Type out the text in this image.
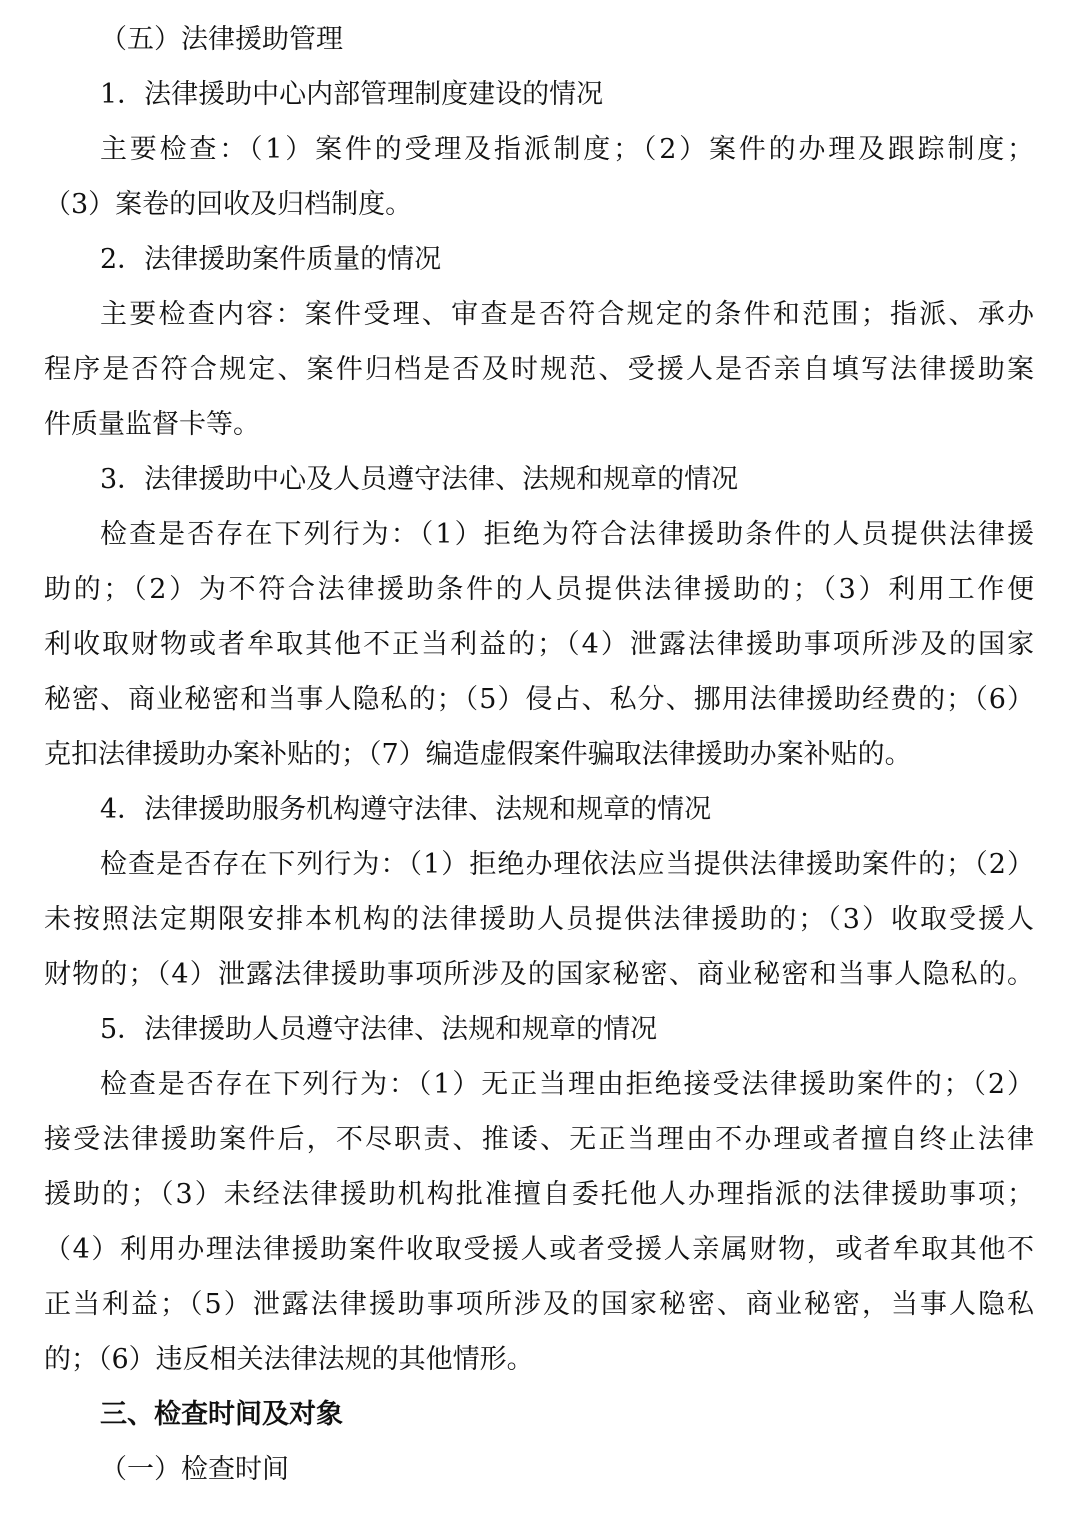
（五）法律援助管理
1．法律援助中心内部管理制度建设的情况
主要检查：（1）案件的受理及指派制度；（2）案件的办理及跟踪制度；
（3）案卷的回收及归档制度。
2．法律援助案件质量的情况
主要检查内容：案件受理、审查是否符合规定的条件和范围；指派、承办
程序是否符合规定、案件归档是否及时规范、受援人是否亲自填写法律援助案
件质量监督卡等。
3．法律援助中心及人员遵守法律、法规和规章的情况
检查是否存在下列行为：（1）拒绝为符合法律援助条件的人员提供法律援
助的；（2）为不符合法律援助条件的人员提供法律援助的；（3）利用工作便
利收取财物或者牟取其他不正当利益的；（4）泄露法律援助事项所涉及的国家
秘密、商业秘密和当事人隐私的；（5）侵占、私分、挪用法律援助经费的；（6）
克扣法律援助办案补贴的；（7）编造虚假案件骗取法律援助办案补贴的。
4．法律援助服务机构遵守法律、法规和规章的情况
检查是否存在下列行为：（1）拒绝办理依法应当提供法律援助案件的；（2）
未按照法定期限安排本机构的法律援助人员提供法律援助的；（3）收取受援人
财物的；（4）泄露法律援助事项所涉及的国家秘密、商业秘密和当事人隐私的。
5．法律援助人员遵守法律、法规和规章的情况
检查是否存在下列行为：（1）无正当理由拒绝接受法律援助案件的；（2）
接受法律援助案件后，不尽职责、推诿、无正当理由不办理或者擅自终止法律
援助的；（3）未经法律援助机构批准擅自委托他人办理指派的法律援助事项；
（4）利用办理法律援助案件收取受援人或者受援人亲属财物，或者牟取其他不
正当利益；（5）泄露法律援助事项所涉及的国家秘密、商业秘密，当事人隐私
的；（6）违反相关法律法规的其他情形。
三、检查时间及对象
（一）检查时间
